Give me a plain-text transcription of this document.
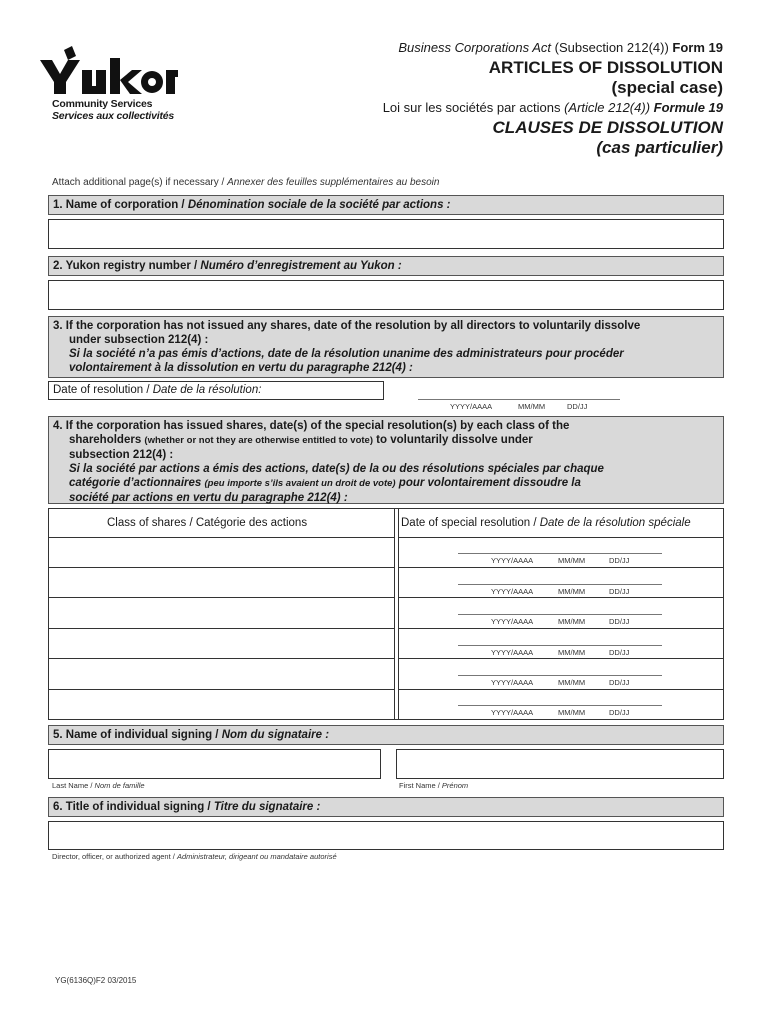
Community Services
Services aux collectivités
Business Corporations Act (Subsection 212(4)) Form 19
ARTICLES OF DISSOLUTION
(special case)
Loi sur les sociétés par actions (Article 212(4)) Formule 19
CLAUSES DE DISSOLUTION
(cas particulier)
Attach additional page(s) if necessary / Annexer des feuilles supplémentaires au besoin
1. Name of corporation / Dénomination sociale de la société par actions :
2. Yukon registry number / Numéro d’enregistrement au Yukon :
3. If the corporation has not issued any shares, date of the resolution by all directors to voluntarily dissolve
under subsection 212(4) :
Si la société n’a pas émis d’actions, date de la résolution unanime des administrateurs pour procéder
volontairement à la dissolution en vertu du paragraphe 212(4) :
Date of resolution / Date de la résolution:
YYYY/AAAA	MM/MM	DD/JJ
4. If the corporation has issued shares, date(s) of the special resolution(s) by each class of the
shareholders (whether or not they are otherwise entitled to vote) to voluntarily dissolve under
subsection 212(4) :
Si la société par actions a émis des actions, date(s) de la ou des résolutions spéciales par chaque
catégorie d’actionnaires (peu importe s’ils avaient un droit de vote) pour volontairement dissoudre la
société par actions en vertu du paragraphe 212(4) :
Class of shares / Catégorie des actions	Date of special resolution / Date de la résolution spéciale
YYYY/AAAA	MM/MM	DD/JJ
YYYY/AAAA	MM/MM	DD/JJ
YYYY/AAAA	MM/MM	DD/JJ
YYYY/AAAA	MM/MM	DD/JJ
YYYY/AAAA	MM/MM	DD/JJ
YYYY/AAAA	MM/MM	DD/JJ
5. Name of individual signing / Nom du signataire :
Last Name / Nom de famille	First Name / Prénom
6. Title of individual signing / Titre du signataire :
Director, officer, or authorized agent / Administrateur, dirigeant ou mandataire autorisé
YG(6136Q)F2 03/2015
